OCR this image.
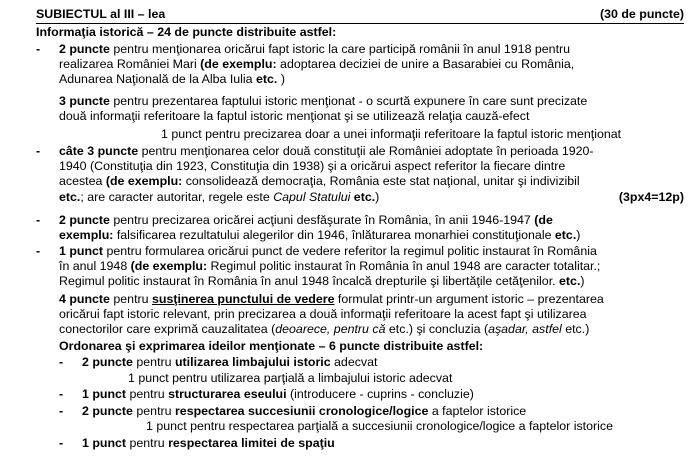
SUBIECTUL al III – lea	(30 de puncte)
Informaţia istorică – 24 de puncte distribuite astfel:
- 2 puncte pentru menţionarea oricărui fapt istoric la care participă românii în anul 1918 pentru
realizarea României Mari (de exemplu: adoptarea deciziei de unire a Basarabiei cu România,
Adunarea Naţională de la Alba Iulia etc. )
3 puncte pentru prezentarea faptului istoric menţionat - o scurtă expunere în care sunt precizate
două informaţii referitoare la faptul istoric menţionat şi se utilizează relaţia cauză-efect
1 punct pentru precizarea doar a unei informaţii referitoare la faptul istoric menţionat
- câte 3 puncte pentru menţionarea celor două constituţii ale României adoptate în perioada 1920-
1940 (Constituţia din 1923, Constituţia din 1938) şi a oricărui aspect referitor la fiecare dintre
acestea (de exemplu: consolidează democraţia, România este stat naţional, unitar şi indivizibil
etc.; are caracter autoritar, regele este Capul Statului etc.)	(3px4=12p)
- 2 puncte pentru precizarea oricărei acţiuni desfăşurate în România, în anii 1946-1947 (de
exemplu: falsificarea rezultatului alegerilor din 1946, înlăturarea monarhiei constituţionale etc.)
- 1 punct pentru formularea oricărui punct de vedere referitor la regimul politic instaurat în România
în anul 1948 (de exemplu: Regimul politic instaurat în România în anul 1948 are caracter totalitar.;
Regimul politic instaurat în România în anul 1948 încalcă drepturile şi libertăţile cetăţenilor. etc.)
4 puncte pentru susţinerea punctului de vedere formulat printr-un argument istoric – prezentarea
oricărui fapt istoric relevant, prin precizarea a două informaţii referitoare la acest fapt şi utilizarea
conectorilor care exprimă cauzalitatea (deoarece, pentru că etc.) şi concluzia (aşadar, astfel etc.)
Ordonarea şi exprimarea ideilor menţionate – 6 puncte distribuite astfel:
- 2 puncte pentru utilizarea limbajului istoric adecvat
1 punct pentru utilizarea parţială a limbajului istoric adecvat
- 1 punct pentru structurarea eseului (introducere - cuprins - concluzie)
- 2 puncte pentru respectarea succesiunii cronologice/logice a faptelor istorice
1 punct pentru respectarea parţială a succesiunii cronologice/logice a faptelor istorice
- 1 punct pentru respectarea limitei de spaţiu
